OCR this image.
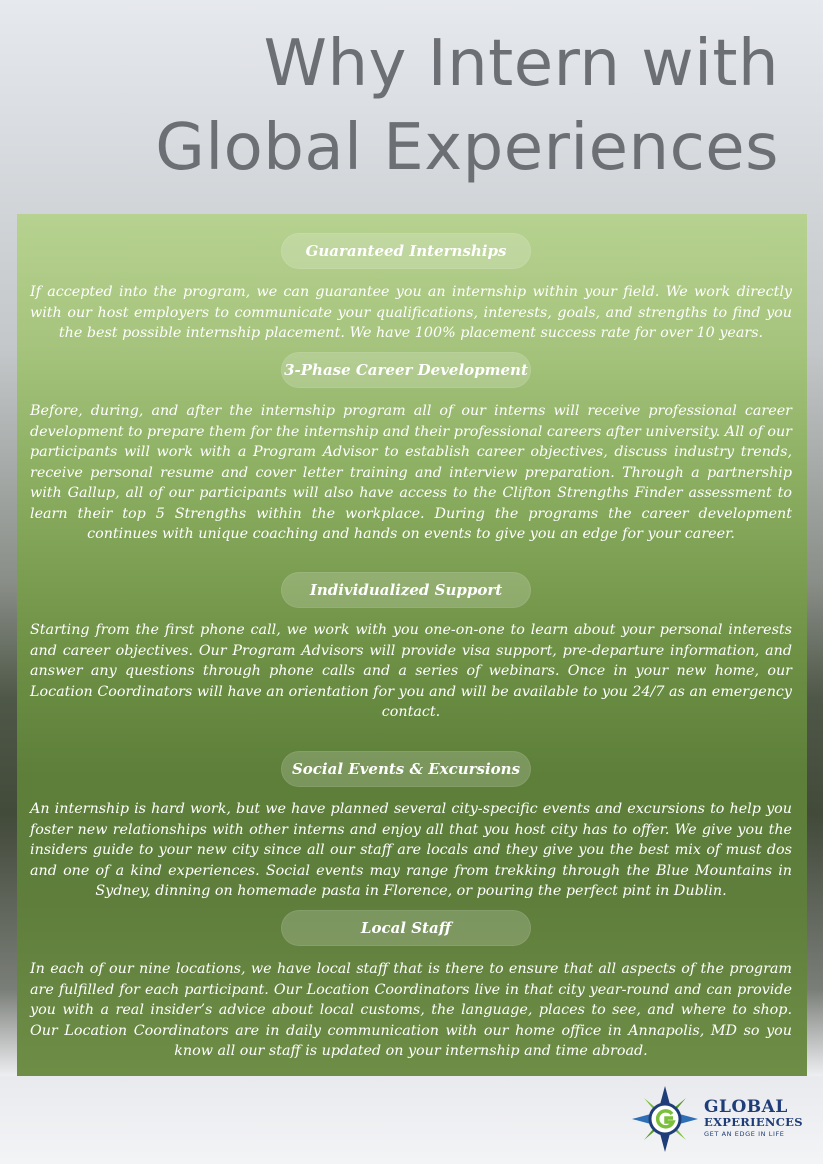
Why Intern with
Global Experiences
Guaranteed Internships
If accepted into the program, we can guarantee you an internship within your field. We work directly with our host employers to communicate your qualifications, interests, goals, and strengths to find you the best possible internship placement. We have 100% placement success rate for over 10 years.
3-Phase Career Development
Before, during, and after the internship program all of our interns will receive professional career development to prepare them for the internship and their professional careers after university. All of our participants will work with a Program Advisor to establish career objectives, discuss industry trends, receive personal resume and cover letter training and interview preparation. Through a partnership with Gallup, all of our participants will also have access to the Clifton Strengths Finder assessment to learn their top 5 Strengths within the workplace. During the programs the career development continues with unique coaching and hands on events to give you an edge for your career.
Individualized Support
Starting from the first phone call, we work with you one-on-one to learn about your personal interests and career objectives. Our Program Advisors will provide visa support, pre-departure information, and answer any questions through phone calls and a series of webinars. Once in your new home, our Location Coordinators will have an orientation for you and will be available to you 24/7 as an emergency contact.
Social Events & Excursions
An internship is hard work, but we have planned several city-specific events and excursions to help you foster new relationships with other interns and enjoy all that you host city has to offer. We give you the insiders guide to your new city since all our staff are locals and they give you the best mix of must dos and one of a kind experiences. Social events may range from trekking through the Blue Mountains in Sydney, dinning on homemade pasta in Florence, or pouring the perfect pint in Dublin.
Local Staff
In each of our nine locations, we have local staff that is there to ensure that all aspects of the program are fulfilled for each participant. Our Location Coordinators live in that city year-round and can provide you with a real insider’s advice about local customs, the language, places to see, and where to shop. Our Location Coordinators are in daily communication with our home office in Annapolis, MD so you know all our staff is updated on your internship and time abroad.
GLOBAL
EXPERIENCES
GET AN EDGE IN LIFE
